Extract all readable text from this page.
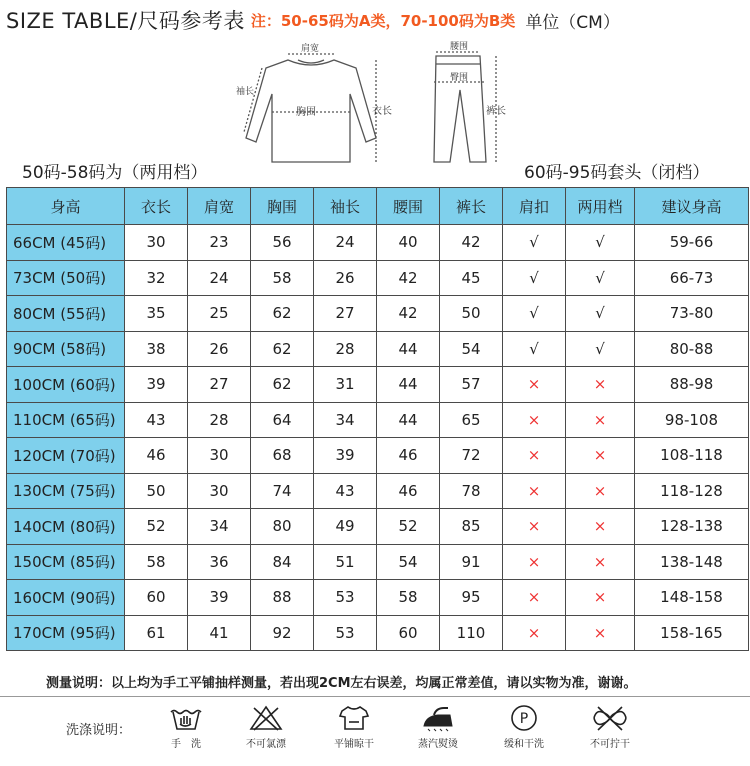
SIZE TABLE/尺码参考表 注：50-65码为A类，70-100码为B类 单位（CM）
肩宽
袖长
胸围	衣长
腰围
臀围
裤长
50码-58码为（两用档）	60码-95码套头（闭档）
身高	衣长	肩宽	胸围	袖长	腰围	裤长	肩扣	两用档	建议身高
66CM (45码)	30	23	56	24	40	42	√	√	59-66
73CM (50码)	32	24	58	26	42	45	√	√	66-73
80CM (55码)	35	25	62	27	42	50	√	√	73-80
90CM (58码)	38	26	62	28	44	54	√	√	80-88
100CM (60码)	39	27	62	31	44	57	×	×	88-98
110CM (65码)	43	28	64	34	44	65	×	×	98-108
120CM (70码)	46	30	68	39	46	72	×	×	108-118
130CM (75码)	50	30	74	43	46	78	×	×	118-128
140CM (80码)	52	34	80	49	52	85	×	×	128-138
150CM (85码)	58	36	84	51	54	91	×	×	138-148
160CM (90码)	60	39	88	53	58	95	×	×	148-158
170CM (95码)	61	41	92	53	60	110	×	×	158-165
测量说明：以上均为手工平铺抽样测量，若出现2CM左右误差，均属正常差值，请以实物为准，谢谢。
洗涤说明：
手　洗	不可氯漂	平铺晾干	蒸汽熨烫
P
缓和干洗	不可拧干
